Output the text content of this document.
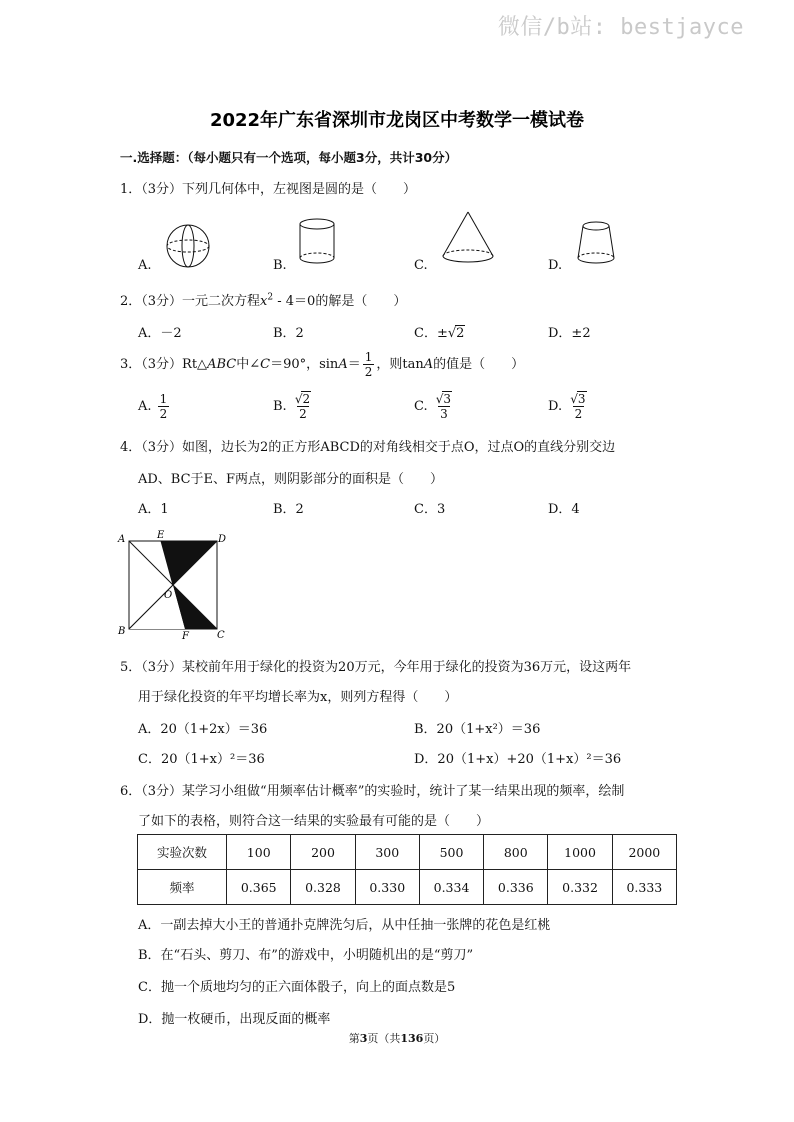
微信/b站: bestjayce
2022年广东省深圳市龙岗区中考数学一模试卷
一.选择题：（每小题只有一个选项，每小题3分，共计30分）
1．（3分）下列几何体中，左视图是圆的是（　　）
A.	B.	C.	D.
2．（3分）一元二次方程$x^2 - 4=0$的解是（　　）
A．－2	B．2	C．±√2	D．±2
3．（3分）Rt△ABC中∠C＝90°，$\sin A= \frac{1}{2}$ ，则tanA的值是（　　）
A. $\frac{1}{2}$	B. $\frac{√2}{2}$	C. $\frac{√3}{3}$	D. $\frac{√3}{2}$
4．（3分）如图，边长为2的正方形ABCD的对角线相交于点O，过点O的直线分别交边
AD、BC于E、F两点，则阴影部分的面积是（　　）
A．1	B．2	C．3	D．4
A
B	C
D
E
F
O
5．（3分）某校前年用于绿化的投资为20万元，今年用于绿化的投资为36万元，设这两年
用于绿化投资的年平均增长率为x，则列方程得（　　）
A．20（1+2x）＝36	B．20（1+x²）＝36
C．20（1+x）²＝36	D．20（1+x）+20（1+x）²＝36
6．（3分）某学习小组做“用频率估计概率”的实验时，统计了某一结果出现的频率，绘制
了如下的表格，则符合这一结果的实验最有可能的是（　　）
实验次数	100	200	300	500	800	1000	2000
频率	0.365	0.328	0.330	0.334	0.336	0.332	0.333
A．一副去掉大小王的普通扑克牌洗匀后，从中任抽一张牌的花色是红桃
B．在“石头、剪刀、布”的游戏中，小明随机出的是“剪刀”
C．抛一个质地均匀的正六面体骰子，向上的面点数是5
D．抛一枚硬币，出现反面的概率
第3页（共136页）
